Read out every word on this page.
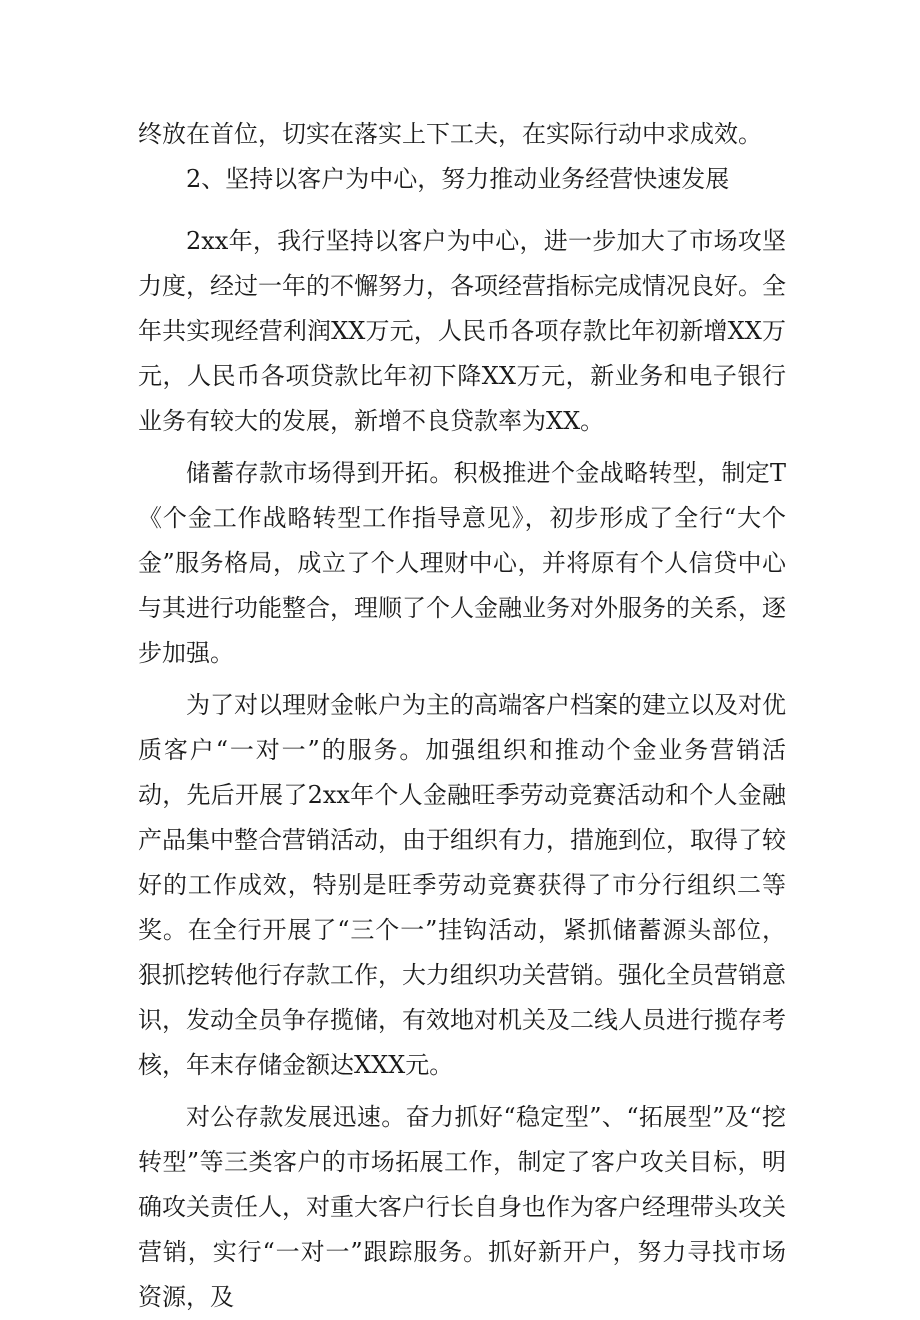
终放在首位，切实在落实上下工夫，在实际行动中求成效。

2、坚持以客户为中心，努力推动业务经营快速发展

2xx年，我行坚持以客户为中心，进一步加大了市场攻坚力度，经过一年的不懈努力，各项经营指标完成情况良好。全年共实现经营利润XX万元，人民币各项存款比年初新增XX万元，人民币各项贷款比年初下降XX万元，新业务和电子银行业务有较大的发展，新增不良贷款率为XX。

储蓄存款市场得到开拓。积极推进个金战略转型，制定T《个金工作战略转型工作指导意见》，初步形成了全行“大个金”服务格局，成立了个人理财中心，并将原有个人信贷中心与其进行功能整合，理顺了个人金融业务对外服务的关系，逐步加强。

为了对以理财金帐户为主的高端客户档案的建立以及对优质客户“一对一”的服务。加强组织和推动个金业务营销活动，先后开展了2xx年个人金融旺季劳动竞赛活动和个人金融产品集中整合营销活动，由于组织有力，措施到位，取得了较好的工作成效，特别是旺季劳动竞赛获得了市分行组织二等奖。在全行开展了“三个一”挂钩活动，紧抓储蓄源头部位，狠抓挖转他行存款工作，大力组织功关营销。强化全员营销意识，发动全员争存揽储，有效地对机关及二线人员进行揽存考核，年末存储金额达XXX元。

对公存款发展迅速。奋力抓好“稳定型”、“拓展型”及“挖转型”等三类客户的市场拓展工作，制定了客户攻关目标，明确攻关责任人，对重大客户行长自身也作为客户经理带头攻关营销，实行“一对一”跟踪服务。抓好新开户，努力寻找市场资源，及
